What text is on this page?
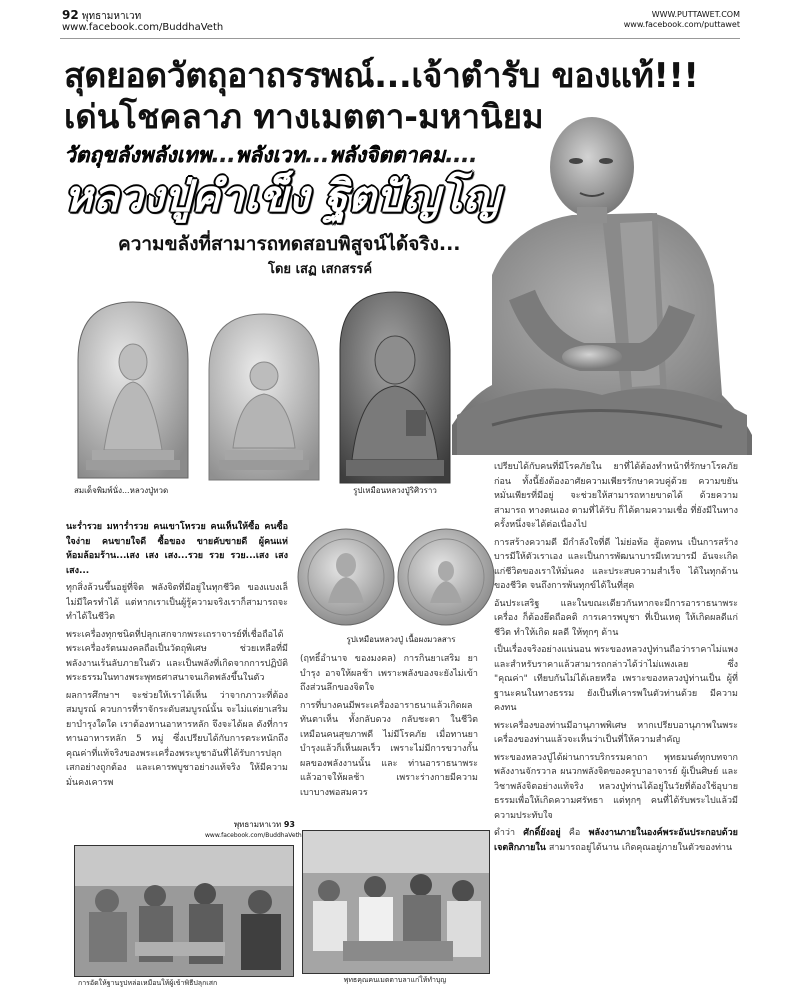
92 พุทธามหาเวท
www.facebook.com/BuddhaVeth
WWW.PUTTAWET.COM
www.facebook.com/puttawet
สุดยอดวัตถุอาถรรพณ์...เจ้าตำรับ ของแท้!!!
เด่นโชคลาภ ทางเมตตา-มหานิยม
วัตถุขลังพลังเทพ...พลังเวท...พลังจิตตาคม....
หลวงปู่คำเข็ง ฐิตปัญโญ
ความขลังที่สามารถทดสอบพิสูจน์ได้จริง...
โดย เสฏ เสกสรรค์
สมเด็จพิมพ์นั่ง...หลวงปู่ทวด	รูปเหมือนหลวงปู่ริศิวราว
รูปเหมือนหลวงปู่ เนื้อผงมวลสาร

นะร่ำรวย มหาร่ำรวย คนเขาโหรวย คนเห็นให้ซื้อ คนซื้อใจง่าย คนขายใจดี ซื้อของ ขายคับขายดี ผู้คนแห่ห้อมล้อมร้าน...เสง เสง เสง...รวย รวย รวย...เสง เสง เสง...

ทุกสิ่งล้วนขึ้นอยู่ที่จิต พลังจิตที่มีอยู่ในทุกชีวิต ของแบงเล็ไม่มีใครทำได้ แต่หากเราเป็นผู้รู้ความจริงเราก็สามารถจะทำได้ในชีวิต

พระเครื่องทุกชนิดที่ปลุกเสกจากพระเถราจารย์ที่เชื่อถือได้ พระเครื่องรัตนมงคลถือเป็นวัตถุพิเศษ ช่วยเหลือที่มีพลังงานเร้นลับภายในตัว และเป็นพลังที่เกิดจากการปฏิบัติพระธรรมในทางพระพุทธศาสนาจนเกิดพลังขึ้นในตัว

ผลการศึกษาฯ จะช่วยให้เราได้เห็น ว่าจากภาวะที่ต้องสมบูรณ์ ควบการที่ราจักระดับสมบูรณ์นั้น จะไม่แต่ยาเสริม ยาบำรุงใดใด เราต้องทานอาหารหลัก จึงจะได้ผล ดังที่การทานอาหารหลัก 5 หมู่ ซึ่งเปรียบได้กับการตระหนักถึงคุณค่าที่แท้จริงของพระเครื่องพระบูชาอันที่ได้รับการปลุกเสกอย่างถูกต้อง และเคารพบูชาอย่างแท้จริง ให้มีความมั่นคงเคารพ

(ฤทธิ์อำนาจ ของมงคล) การกินยาเสริม ยาบำรุง อาจให้ผลช้า เพราะพลังของจะยังไม่เข้าถึงส่วนลึกของจิตใจ

การที่บางคนมีพระเครื่องอาราธนาแล้วเกิดผลทันตาเห็น ทั้งกลับดวง กลับชะตา ในชีวิต เหมือนคนสุขภาพดี ไม่มีโรคภัย เมื่อทานยาบำรุงแล้วก็เห็นผลเร็ว เพราะไม่มีการขวางกั้นผลของพลังงานนั้น และ ท่านอาราธนาพระแล้วอาจให้ผลช้า เพราะร่างกายมีความเบาบางพอสมควร

เปรียบได้กับคนที่มีโรคภัยใน ยาที่ได้ต้องทำหน้าที่รักษาโรคภัยก่อน ทั้งนี้ยังต้องอาศัยความเพียรรักษาควบคู่ด้วย ความขยันหมั่นเพียรที่มีอยู่ จะช่วยให้สามารถหายขาดได้ ด้วยความสามารถ ทางตนเอง ตามที่ได้รับ ก็ได้ตามความเชื่อ ที่ยังมีในทาง ครั้งหนึ่งจะได้ต่อเนื่องไป

การสร้างความดี มีกำลังใจที่ดี ไม่ย่อท้อ สู้อดทน เป็นการสร้างบารมีให้ตัวเราเอง และเป็นการพัฒนาบารมีเทวบารมี อันจะเกิดแก่ชีวิตของเราให้มั่นคง และประสบความสำเร็จ ได้ในทุกด้านของชีวิต จนถึงการพ้นทุกข์ได้ในที่สุด

อันประเสริฐ และในขณะเดียวกันหากจะมีการอาราธนาพระเครื่อง ก็ต้องยึดถือคติ การเคารพบูชา ที่เป็นเหตุ ให้เกิดผลดีแก่ชีวิต ทำให้เกิด ผลดี ให้ทุกๆ ด้าน

เป็นเรื่องจริงอย่างแน่นอน พระของหลวงปู่ท่านถือว่าราคาไม่แพง และสำหรับราคาแล้วสามารถกล่าวได้ว่าไม่แพงเลย ซึ่ง "คุณค่า" เทียบกันไม่ได้เลยหรือ เพราะของหลวงปู่ท่านเป็น ผู้ที่ฐานะคนในทางธรรม ยังเป็นที่เคารพในตัวท่านด้วย มีความคงทน

พระเครื่องของท่านมีอานุภาพพิเศษ หากเปรียบอานุภาพในพระเครื่องของท่านแล้วจะเห็นว่าเป็นที่ให้ความสำคัญ

พระของหลวงปู่ได้ผ่านการบริกรรมคาถา พุทธมนต์ทุกบทจากพลังงานจักรวาล ผนวกพลังจิตของครูบาอาจารย์ ผู้เป็นศิษย์ และวิชาพลังจิตอย่างแท้จริง หลวงปู่ท่านได้อยู่ในวัยที่ต้องใช้อุบายธรรมเพื่อให้เกิดความศรัทธา แต่ทุกๆ คนที่ได้รับพระไปแล้วมีความประทับใจ

ดำว่า ศักดิ์ยังอยู่ คือ พลังงานภายในองค์พระอันประกอบด้วยเจตสิกภายใน สามารถอยู่ได้นาน เกิดคุณอยู่ภายในตัวของท่าน

พุทธามหาเวท 93
www.facebook.com/BuddhaVeth
การอัดให้ฐานรูปหล่อเหมือนให้ผู้เข้าพิธีปลุกเสก	พุทธคุณคนเมตตาบลาแก่ให้ทำบุญ
